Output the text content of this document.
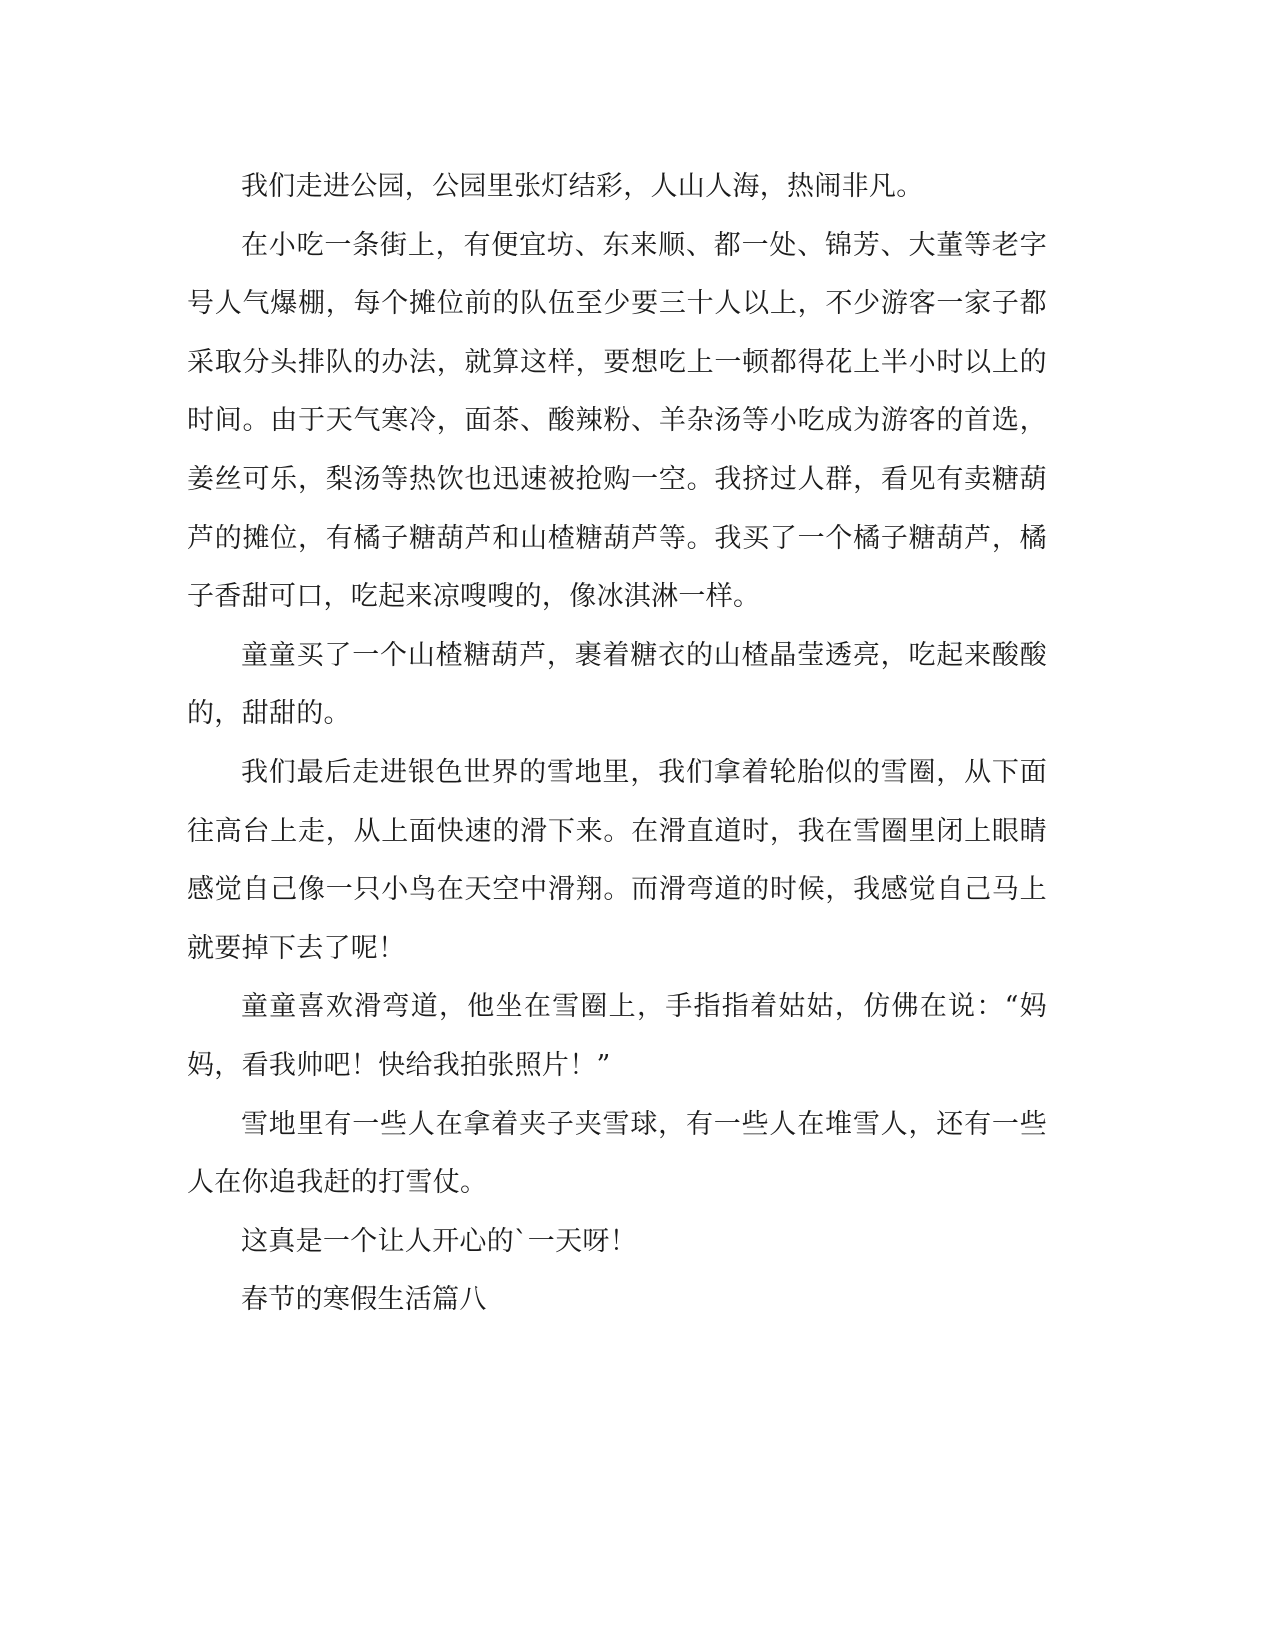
我们走进公园，公园里张灯结彩，人山人海，热闹非凡。

在小吃一条街上，有便宜坊、东来顺、都一处、锦芳、大董等老字号人气爆棚，每个摊位前的队伍至少要三十人以上，不少游客一家子都采取分头排队的办法，就算这样，要想吃上一顿都得花上半小时以上的时间。由于天气寒冷，面茶、酸辣粉、羊杂汤等小吃成为游客的首选，姜丝可乐，梨汤等热饮也迅速被抢购一空。我挤过人群，看见有卖糖葫芦的摊位，有橘子糖葫芦和山楂糖葫芦等。我买了一个橘子糖葫芦，橘子香甜可口，吃起来凉嗖嗖的，像冰淇淋一样。

童童买了一个山楂糖葫芦，裹着糖衣的山楂晶莹透亮，吃起来酸酸的，甜甜的。

我们最后走进银色世界的雪地里，我们拿着轮胎似的雪圈，从下面往高台上走，从上面快速的滑下来。在滑直道时，我在雪圈里闭上眼睛感觉自己像一只小鸟在天空中滑翔。而滑弯道的时候，我感觉自己马上就要掉下去了呢！

童童喜欢滑弯道，他坐在雪圈上，手指指着姑姑，仿佛在说：“妈妈，看我帅吧！快给我拍张照片！”

雪地里有一些人在拿着夹子夹雪球，有一些人在堆雪人，还有一些人在你追我赶的打雪仗。

这真是一个让人开心的`一天呀！

春节的寒假生活篇八
